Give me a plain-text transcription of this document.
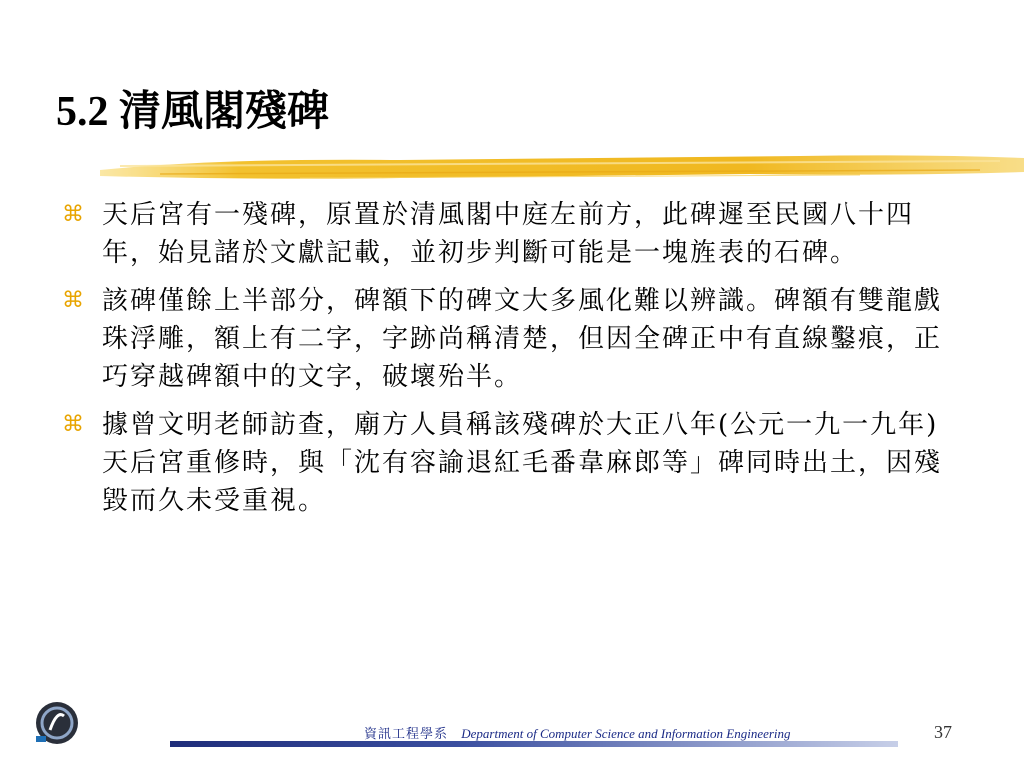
5.2 清風閣殘碑
⌘ 天后宮有一殘碑，原置於清風閣中庭左前方，此碑遲至民國八十四年，始見諸於文獻記載，並初步判斷可能是一塊旌表的石碑。
⌘ 該碑僅餘上半部分，碑額下的碑文大多風化難以辨識。碑額有雙龍戲珠浮雕，額上有二字，字跡尚稱清楚，但因全碑正中有直線鑿痕，正巧穿越碑額中的文字，破壞殆半。
⌘ 據曾文明老師訪查，廟方人員稱該殘碑於大正八年(公元一九一九年)天后宮重修時，與「沈有容諭退紅毛番韋麻郎等」碑同時出土，因殘毀而久未受重視。
資訊工程學系 Department of Computer Science and Information Engineering	37
